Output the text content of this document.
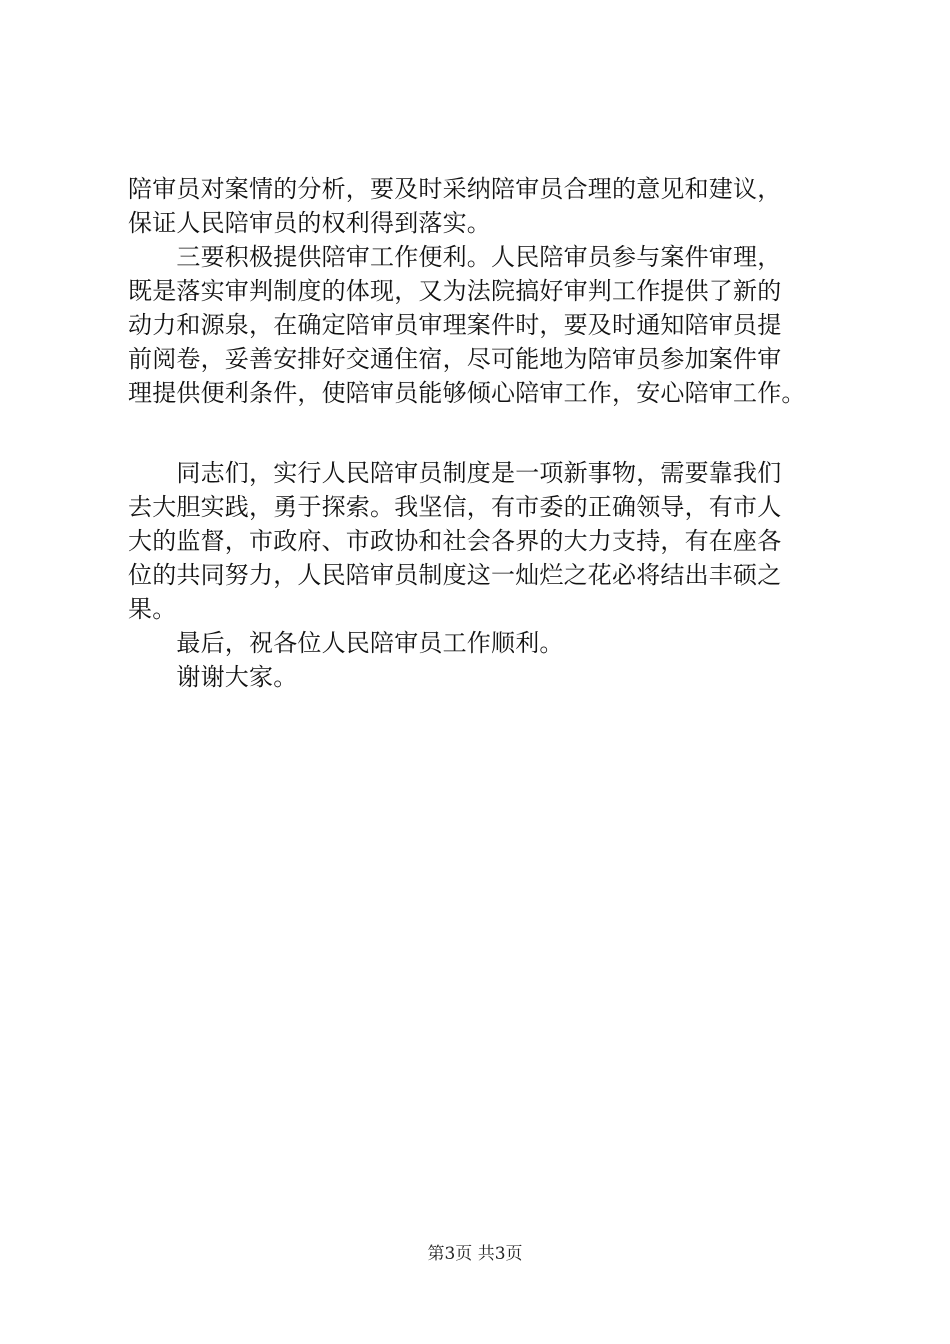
陪审员对案情的分析，要及时采纳陪审员合理的意见和建议，
保证人民陪审员的权利得到落实。
　　三要积极提供陪审工作便利。人民陪审员参与案件审理，
既是落实审判制度的体现，又为法院搞好审判工作提供了新的
动力和源泉，在确定陪审员审理案件时，要及时通知陪审员提
前阅卷，妥善安排好交通住宿，尽可能地为陪审员参加案件审
理提供便利条件，使陪审员能够倾心陪审工作，安心陪审工作。
　　同志们，实行人民陪审员制度是一项新事物，需要靠我们
去大胆实践，勇于探索。我坚信，有市委的正确领导，有市人
大的监督，市政府、市政协和社会各界的大力支持，有在座各
位的共同努力，人民陪审员制度这一灿烂之花必将结出丰硕之
果。
　　最后，祝各位人民陪审员工作顺利。
　　谢谢大家。
第3页 共3页
